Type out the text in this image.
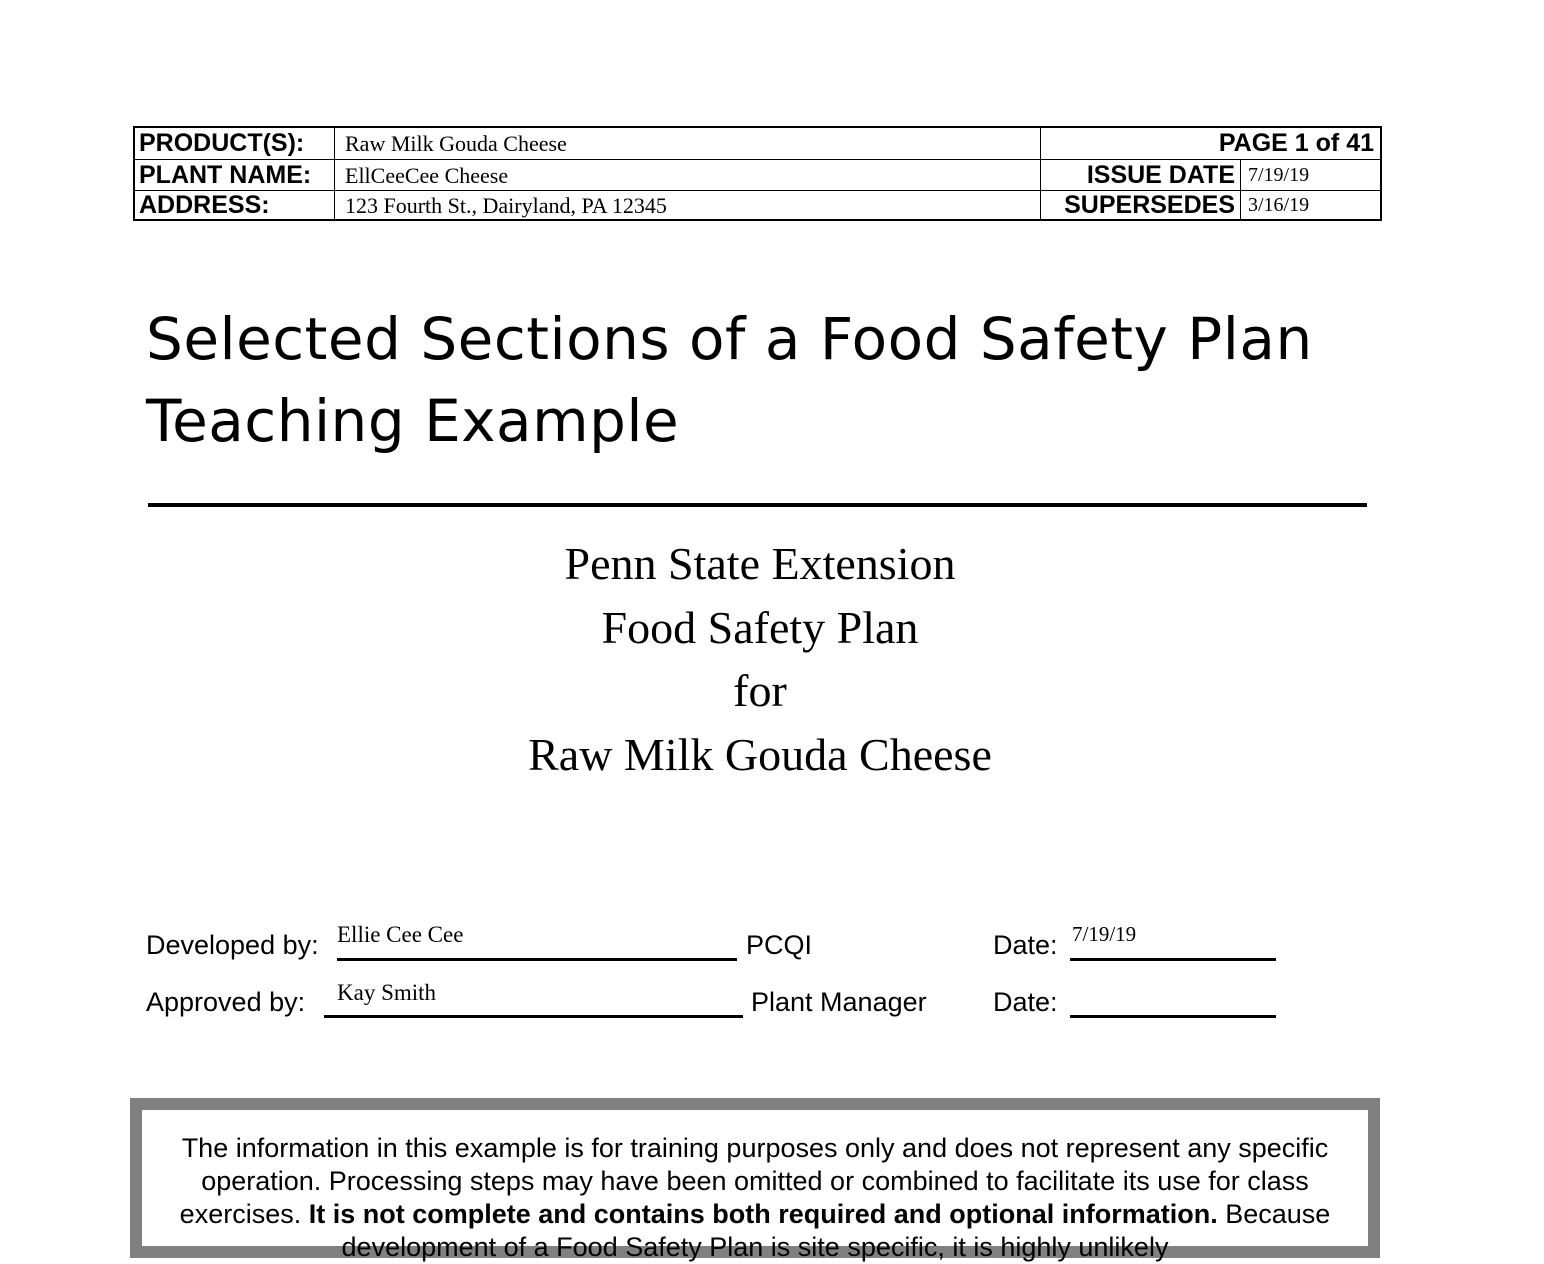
PRODUCT(S): Raw Milk Gouda Cheese	PAGE 1 of 41
PLANT NAME: EllCeeCee Cheese	ISSUE DATE 7/19/19
ADDRESS:	123 Fourth St., Dairyland, PA 12345	SUPERSEDES 3/16/19
Selected Sections of a Food Safety Plan
Teaching Example
Penn State Extension
Food Safety Plan
for
Raw Milk Gouda Cheese
Developed by: Ellie Cee Cee	PCQI	Date: 7/19/19
Approved by: Kay Smith	Plant Manager Date:
The information in this example is for training purposes only and does not represent any specific operation. Processing steps may have been omitted or combined to facilitate its use for class exercises. It is not complete and contains both required and optional information. Because development of a Food Safety Plan is site specific, it is highly unlikely
